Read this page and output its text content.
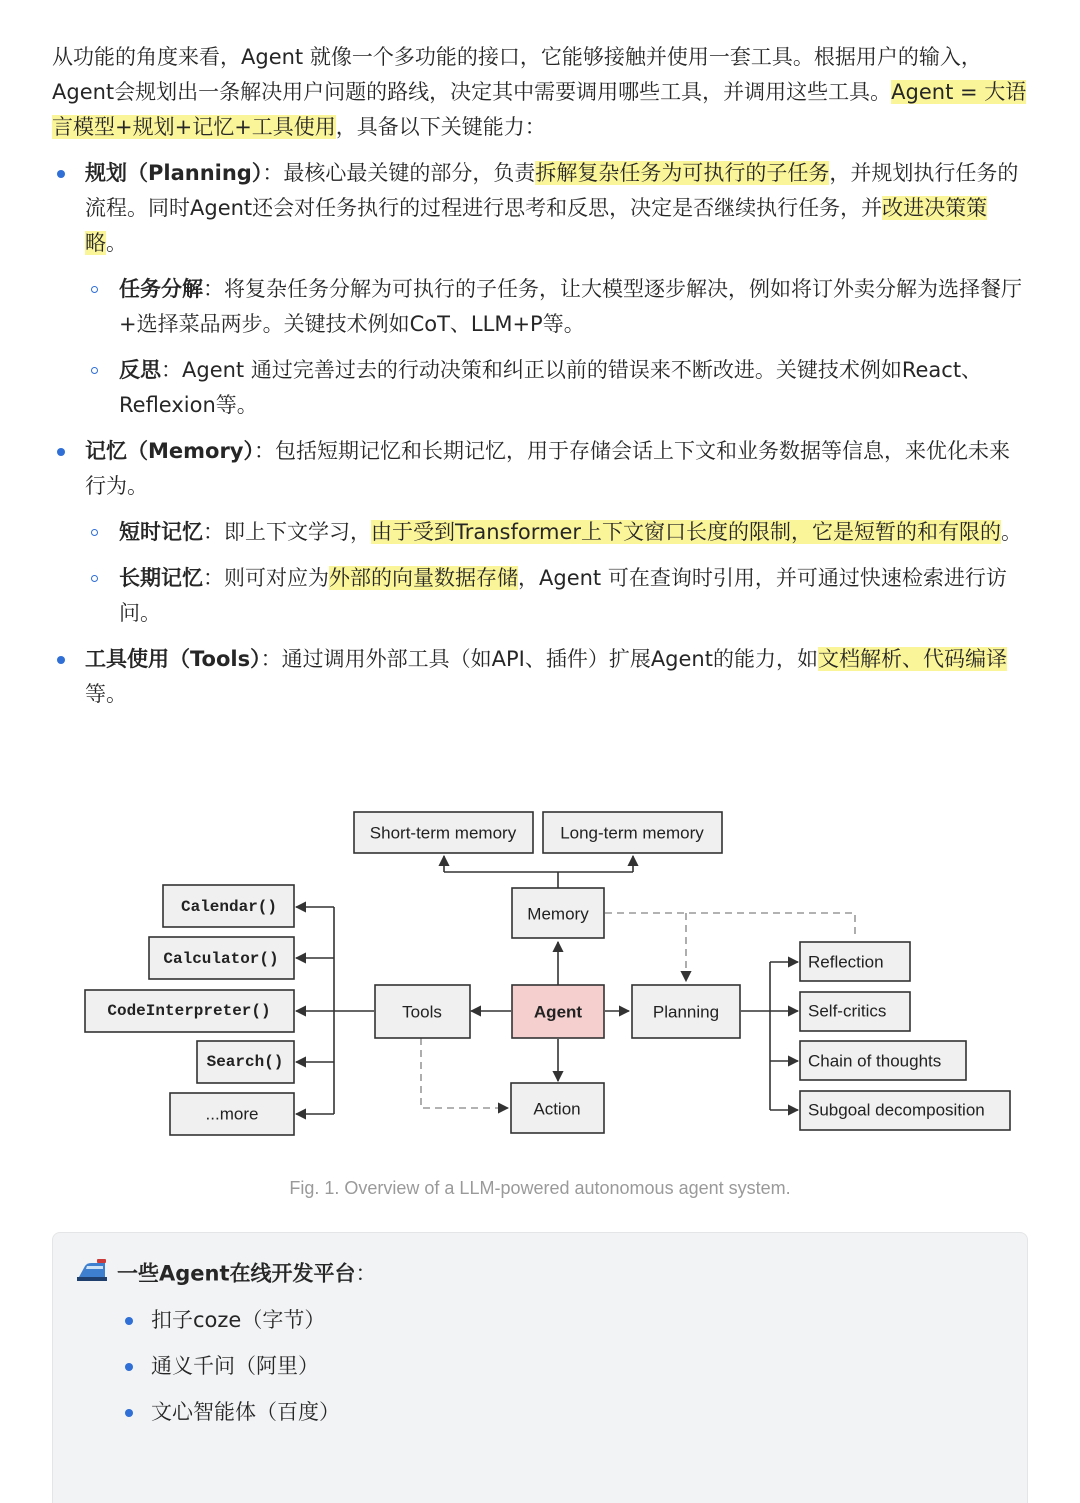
从功能的角度来看，Agent 就像一个多功能的接口，它能够接触并使用一套工具。根据用户的输入，Agent会规划出一条解决用户问题的路线，决定其中需要调用哪些工具，并调用这些工具。Agent = 大语言模型+规划+记忆+工具使用，具备以下关键能力：

规划（Planning）：最核心最关键的部分，负责拆解复杂任务为可执行的子任务，并规划执行任务的流程。同时Agent还会对任务执行的过程进行思考和反思，决定是否继续执行任务，并改进决策策略。
任务分解：将复杂任务分解为可执行的子任务，让大模型逐步解决，例如将订外卖分解为选择餐厅+选择菜品两步。关键技术例如CoT、LLM+P等。
反思：Agent 通过完善过去的行动决策和纠正以前的错误来不断改进。关键技术例如React、Reflexion等。
记忆（Memory）：包括短期记忆和长期记忆，用于存储会话上下文和业务数据等信息，来优化未来行为。
短时记忆：即上下文学习，由于受到Transformer上下文窗口长度的限制，它是短暂的和有限的。
长期记忆：则可对应为外部的向量数据存储，Agent 可在查询时引用，并可通过快速检索进行访问。
工具使用（Tools）：通过调用外部工具（如API、插件）扩展Agent的能力，如文档解析、代码编译等。
Short-term memory	Long-term memory
Memory
Agent
Tools	Planning
Action
Calendar()
Calculator()
CodeInterpreter()
Search()
...more
Reflection
Self-critics
Chain of thoughts
Subgoal decomposition
Fig. 1. Overview of a LLM-powered autonomous agent system.
一些Agent在线开发平台：
扣子coze（字节）
通义千问（阿里）
文心智能体（百度）
